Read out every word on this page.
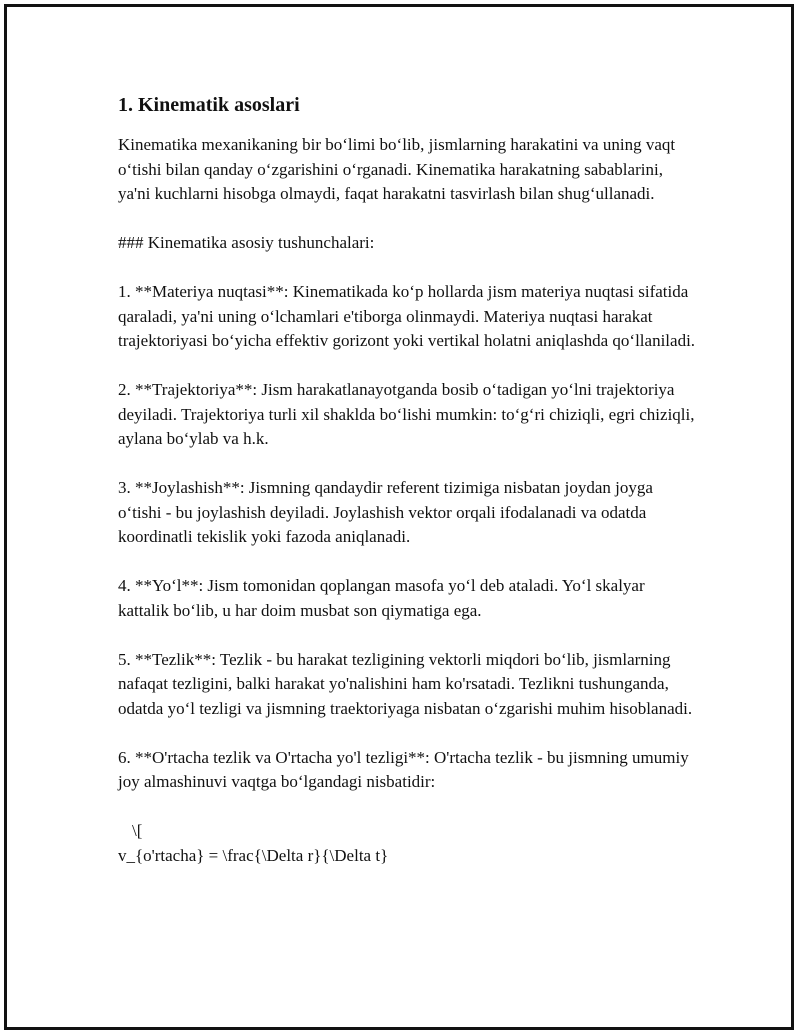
1. Kinematik asoslari

Kinematika mexanikaning bir bo‘limi bo‘lib, jismlarning harakatini va uning vaqt o‘tishi bilan qanday o‘zgarishini o‘rganadi. Kinematika harakatning sabablarini, ya'ni kuchlarni hisobga olmaydi, faqat harakatni tasvirlash bilan shug‘ullanadi.

### Kinematika asosiy tushunchalari:

1. **Materiya nuqtasi**: Kinematikada ko‘p hollarda jism materiya nuqtasi sifatida qaraladi, ya'ni uning o‘lchamlari e'tiborga olinmaydi. Materiya nuqtasi harakat trajektoriyasi bo‘yicha effektiv gorizont yoki vertikal holatni aniqlashda qo‘llaniladi.

2. **Trajektoriya**: Jism harakatlanayotganda bosib o‘tadigan yo‘lni trajektoriya deyiladi. Trajektoriya turli xil shaklda bo‘lishi mumkin: to‘g‘ri chiziqli, egri chiziqli, aylana bo‘ylab va h.k.

3. **Joylashish**: Jismning qandaydir referent tizimiga nisbatan joydan joyga o‘tishi - bu joylashish deyiladi. Joylashish vektor orqali ifodalanadi va odatda koordinatli tekislik yoki fazoda aniqlanadi.

4. **Yo‘l**: Jism tomonidan qoplangan masofa yo‘l deb ataladi. Yo‘l skalyar kattalik bo‘lib, u har doim musbat son qiymatiga ega.

5. **Tezlik**: Tezlik - bu harakat tezligining vektorli miqdori bo‘lib, jismlarning nafaqat tezligini, balki harakat yo'nalishini ham ko'rsatadi. Tezlikni tushunganda, odatda yo‘l tezligi va jismning traektoriyaga nisbatan o‘zgarishi muhim hisoblanadi.

6. **O'rtacha tezlik va O'rtacha yo'l tezligi**: O'rtacha tezlik - bu jismning umumiy joy almashinuvi vaqtga bo‘lgandagi nisbatidir:

\[
v_{o'rtacha} = \frac{\Delta r}{\Delta t}
